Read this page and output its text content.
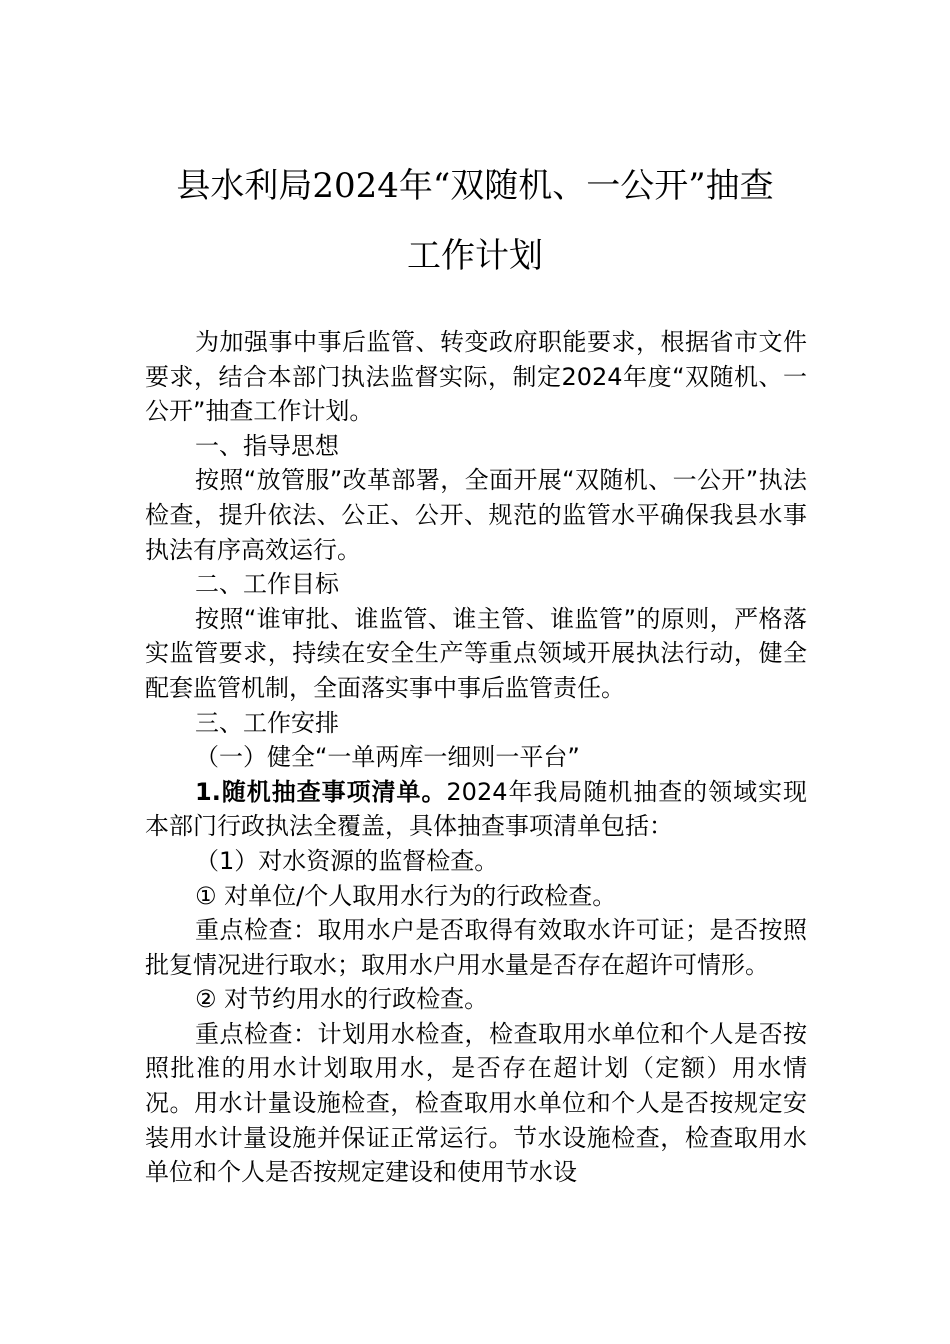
县水利局2024年“双随机、一公开”抽查
工作计划

为加强事中事后监管、转变政府职能要求，根据省市文件要求，结合本部门执法监督实际，制定2024年度“双随机、一公开”抽查工作计划。

一、指导思想

按照“放管服”改革部署，全面开展“双随机、一公开”执法检查，提升依法、公正、公开、规范的监管水平确保我县水事执法有序高效运行。

二、工作目标

按照“谁审批、谁监管、谁主管、谁监管”的原则，严格落实监管要求，持续在安全生产等重点领域开展执法行动，健全配套监管机制，全面落实事中事后监管责任。

三、工作安排

（一）健全“一单两库一细则一平台”

1.随机抽查事项清单。2024年我局随机抽查的领域实现本部门行政执法全覆盖，具体抽查事项清单包括：

（1）对水资源的监督检查。

① 对单位/个人取用水行为的行政检查。

重点检查：取用水户是否取得有效取水许可证；是否按照批复情况进行取水；取用水户用水量是否存在超许可情形。

② 对节约用水的行政检查。

重点检查：计划用水检查，检查取用水单位和个人是否按照批准的用水计划取用水，是否存在超计划（定额）用水情况。用水计量设施检查，检查取用水单位和个人是否按规定安装用水计量设施并保证正常运行。节水设施检查，检查取用水单位和个人是否按规定建设和使用节水设
